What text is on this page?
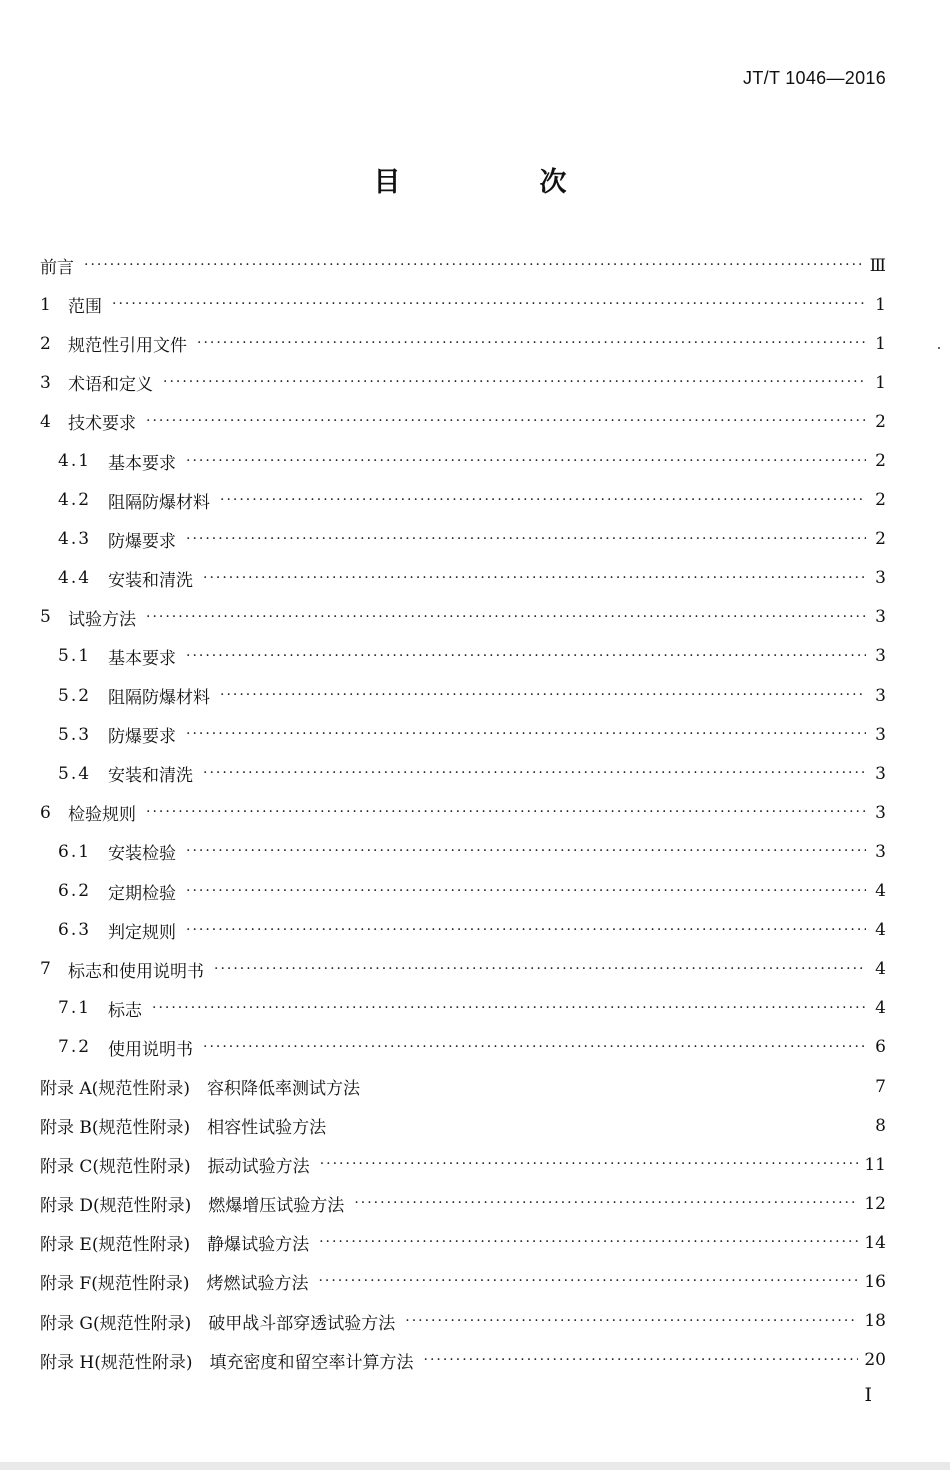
JT/T 1046—2016
目　次
前言 ·····	Ⅲ
1	范围 ·····	1
2	规范性引用文件 ·····	1
3	术语和定义 ·····	1
4	技术要求 ·····	2
4.1 基本要求 ·····	2
4.2 阻隔防爆材料 ·····	2
4.3 防爆要求 ·····	2
4.4 安装和清洗 ·····	3
5	试验方法 ·····	3
5.1 基本要求 ·····	3
5.2 阻隔防爆材料 ·····	3
5.3 防爆要求 ·····	3
5.4 安装和清洗 ·····	3
6	检验规则 ·····	3
6.1 安装检验 ·····	3
6.2 定期检验 ·····	4
6.3 判定规则 ·····	4
7	标志和使用说明书 ·····	4
7.1 标志 ·····	4
7.2 使用说明书 ·····	6
附录 A(规范性附录)　容积降低率测试方法	7
附录 B(规范性附录)　相容性试验方法	8
附录 C(规范性附录)　振动试验方法 ·····	11
附录 D(规范性附录)　燃爆增压试验方法 ·····	12
附录 E(规范性附录)　静爆试验方法 ·····	14
附录 F(规范性附录)　烤燃试验方法 ·····	16
附录 G(规范性附录)　破甲战斗部穿透试验方法 ·····	18
附录 H(规范性附录)　填充密度和留空率计算方法 ·····	20
I
